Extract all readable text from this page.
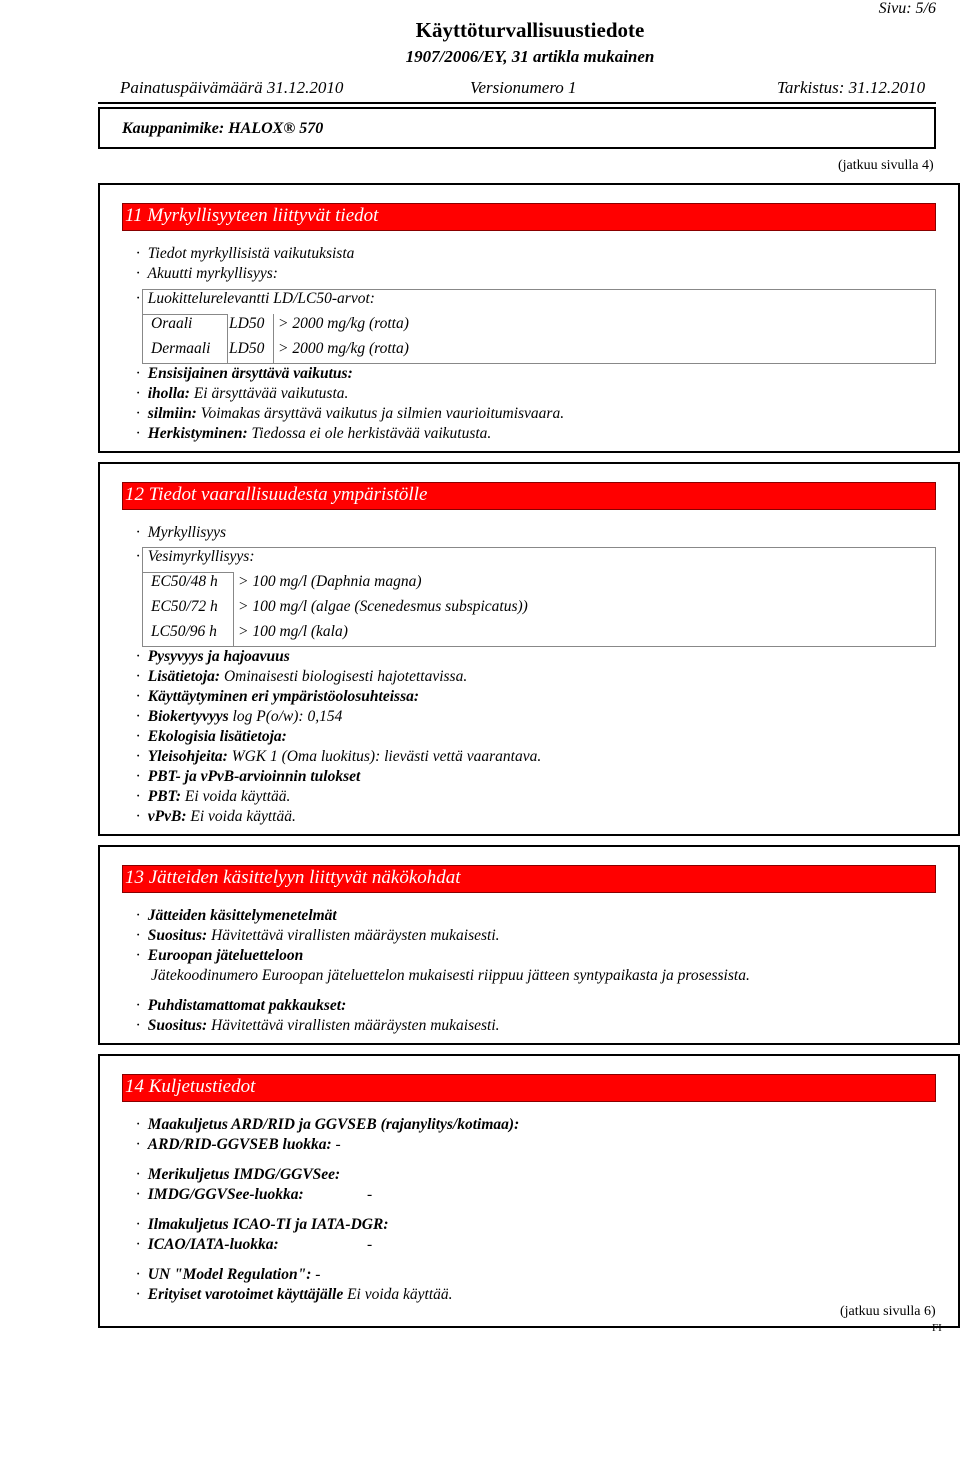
Sivu: 5/6
Käyttöturvallisuustiedote
1907/2006/EY, 31 artikla mukainen
Painatuspäivämäärä 31.12.2010	Versionumero 1	Tarkistus: 31.12.2010
Kauppanimike: HALOX® 570
(jatkuu sivulla 4)
11 Myrkyllisyyteen liittyvät tiedot
· Tiedot myrkyllisistä vaikutuksista
· Akuutti myrkyllisyys:
· Luokittelurelevantti LD/LC50-arvot:
Oraali LD50 > 2000 mg/kg (rotta)
Dermaali LD50 > 2000 mg/kg (rotta)
· Ensisijainen ärsyttävä vaikutus:
· iholla: Ei ärsyttävää vaikutusta.
· silmiin: Voimakas ärsyttävä vaikutus ja silmien vaurioitumisvaara.
· Herkistyminen: Tiedossa ei ole herkistävää vaikutusta.
12 Tiedot vaarallisuudesta ympäristölle
· Myrkyllisyys
· Vesimyrkyllisyys:
EC50/48 h > 100 mg/l (Daphnia magna)
EC50/72 h > 100 mg/l (algae (Scenedesmus subspicatus))
LC50/96 h > 100 mg/l (kala)
· Pysyvyys ja hajoavuus
· Lisätietoja: Ominaisesti biologisesti hajotettavissa.
· Käyttäytyminen eri ympäristöolosuhteissa:
· Biokertyvyys log P(o/w): 0,154
· Ekologisia lisätietoja:
· Yleisohjeita: WGK 1 (Oma luokitus): lievästi vettä vaarantava.
· PBT- ja vPvB-arvioinnin tulokset
· PBT: Ei voida käyttää.
· vPvB: Ei voida käyttää.
13 Jätteiden käsittelyyn liittyvät näkökohdat
· Jätteiden käsittelymenetelmät
· Suositus: Hävitettävä virallisten määräysten mukaisesti.
· Euroopan jäteluetteloon
Jätekoodinumero Euroopan jäteluettelon mukaisesti riippuu jätteen syntypaikasta ja prosessista.
· Puhdistamattomat pakkaukset:
· Suositus: Hävitettävä virallisten määräysten mukaisesti.
14 Kuljetustiedot
· Maakuljetus ARD/RID ja GGVSEB (rajanylitys/kotimaa):
· ARD/RID-GGVSEB luokka: -
· Merikuljetus IMDG/GGVSee:
· IMDG/GGVSee-luokka:	-
· Ilmakuljetus ICAO-TI ja IATA-DGR:
· ICAO/IATA-luokka:	-
· UN "Model Regulation": -
· Erityiset varotoimet käyttäjälle Ei voida käyttää.
(jatkuu sivulla 6)
FI
